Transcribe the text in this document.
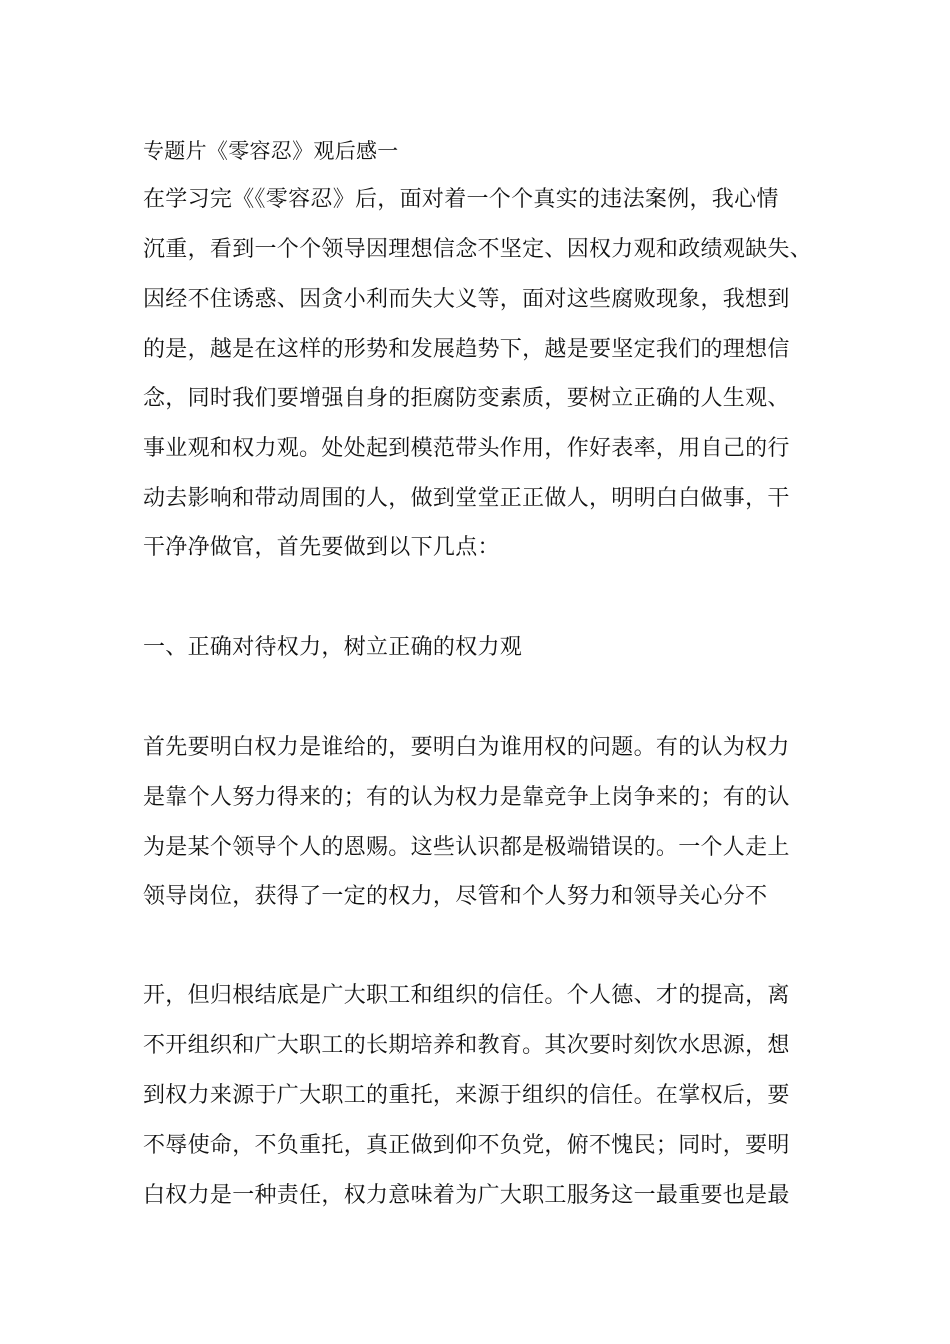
专题片《零容忍》观后感一

在学习完《《零容忍》后，面对着一个个真实的违法案例，我心情

沉重，看到一个个领导因理想信念不坚定、因权力观和政绩观缺失、

因经不住诱惑、因贪小利而失大义等，面对这些腐败现象，我想到

的是，越是在这样的形势和发展趋势下，越是要坚定我们的理想信

念，同时我们要增强自身的拒腐防变素质，要树立正确的人生观、

事业观和权力观。处处起到模范带头作用，作好表率，用自己的行

动去影响和带动周围的人，做到堂堂正正做人，明明白白做事，干

干净净做官，首先要做到以下几点：

一、正确对待权力，树立正确的权力观

首先要明白权力是谁给的，要明白为谁用权的问题。有的认为权力

是靠个人努力得来的；有的认为权力是靠竞争上岗争来的；有的认

为是某个领导个人的恩赐。这些认识都是极端错误的。一个人走上

领导岗位，获得了一定的权力，尽管和个人努力和领导关心分不

开，但归根结底是广大职工和组织的信任。个人德、才的提高，离

不开组织和广大职工的长期培养和教育。其次要时刻饮水思源，想

到权力来源于广大职工的重托，来源于组织的信任。在掌权后，要

不辱使命，不负重托，真正做到仰不负党，俯不愧民；同时，要明

白权力是一种责任，权力意味着为广大职工服务这一最重要也是最
